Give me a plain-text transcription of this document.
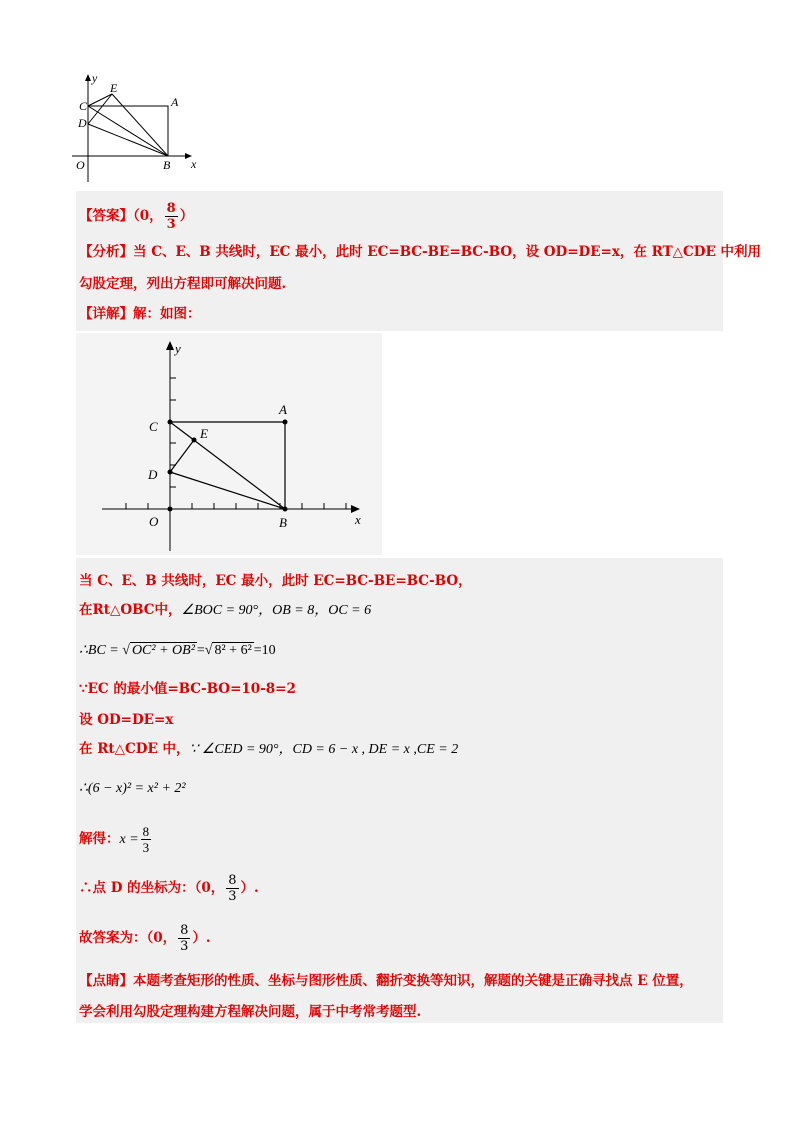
y
C
E
A
D
O	B x
【答案】（0， $\frac{8}{3}$ ）
【分析】当 C、E、B 共线时，EC 最小，此时 EC=BC-BE=BC-BO，设 OD=DE=x，在 RT△CDE 中利用
勾股定理，列出方程即可解决问题.
【详解】解：如图：
y
A
C	E
D
O	B	x
当 C、E、B 共线时，EC 最小，此时 EC=BC-BE=BC-BO，
在Rt△OBC中，∠BOC = 90°，OB = 8，OC = 6
∴BC = √ OC² + OB² =√ 8² + 6² =10
∵EC 的最小值=BC-BO=10-8=2
设 OD=DE=x
在 Rt△CDE 中，∵ ∠CED = 90°，CD = 6 − x , DE = x ,CE = 2
∴(6 − x)² = x² + 2²
解得：$x = \frac{8}{3}$
∴点 D 的坐标为：（0， $\frac{8}{3}$ ）.
故答案为：（0， $\frac{8}{3}$ ）.
【点睛】本题考查矩形的性质、坐标与图形性质、翻折变换等知识，解题的关键是正确寻找点 E 位置，
学会利用勾股定理构建方程解决问题，属于中考常考题型.
